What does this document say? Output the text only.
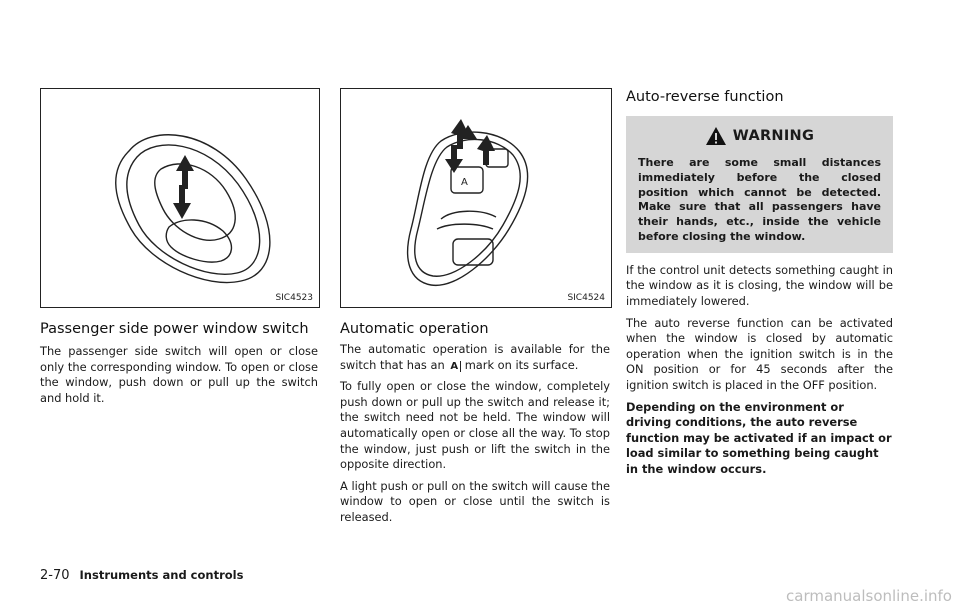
SIC4523
A
SIC4524
Passenger side power window switch

The passenger side switch will open or close only the corresponding window. To open or close the window, push down or pull up the switch and hold it.

Automatic operation

The automatic operation is available for the switch that has an A mark on its surface.

To fully open or close the window, completely push down or pull up the switch and release it; the switch need not be held. The window will automatically open or close all the way. To stop the window, just push or lift the switch in the opposite direction.

A light push or pull on the switch will cause the window to open or close until the switch is released.

Auto-reverse function
WARNING
There are some small distances immediately before the closed position which cannot be detected. Make sure that all passengers have their hands, etc., inside the vehicle before closing the window.

If the control unit detects something caught in the window as it is closing, the window will be immediately lowered.

The auto reverse function can be activated when the window is closed by automatic operation when the ignition switch is in the ON position or for 45 seconds after the ignition switch is placed in the OFF position.

Depending on the environment or driving conditions, the auto reverse function may be activated if an impact or load similar to something being caught in the window occurs.

2-70 Instruments and controls
carmanualsonline.info
